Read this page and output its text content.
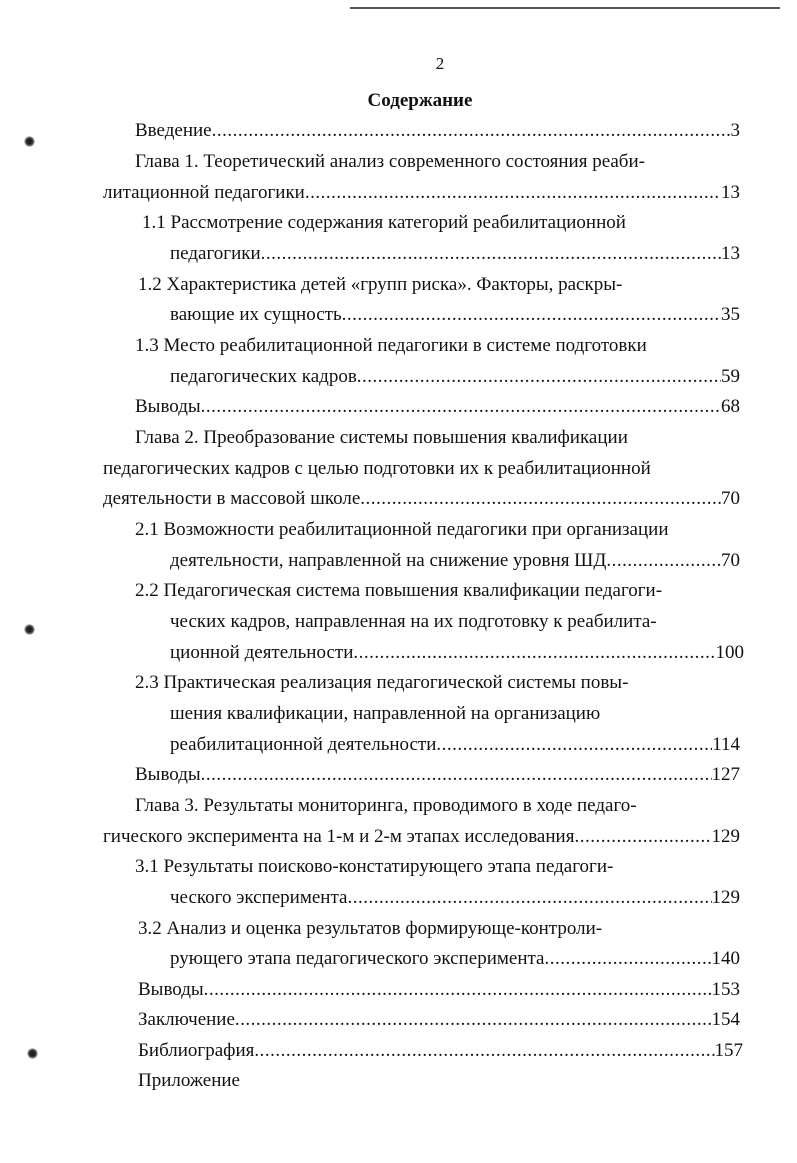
2
Содержание
Введение .....	3
Глава 1. Теоретический анализ современного состояния реаби-
литационной педагогики .....	13
1.1 Рассмотрение содержания категорий реабилитационной
педагогики .....	13
1.2 Характеристика детей «групп риска». Факторы, раскры-
вающие их сущность .....	35
1.3 Место реабилитационной педагогики в системе подготовки
педагогических кадров .....	59
Выводы .....	68
Глава 2. Преобразование системы повышения квалификации
педагогических кадров с целью подготовки их к реабилитационной
деятельности в массовой школе .....	70
2.1 Возможности реабилитационной педагогики при организации
деятельности, направленной на снижение уровня ШД .....	70
2.2 Педагогическая система повышения квалификации педагоги-
ческих кадров, направленная на их подготовку к реабилита-
ционной деятельности .....	100
2.3 Практическая реализация педагогической системы повы-
шения квалификации, направленной на организацию
реабилитационной деятельности .....	114
Выводы .....	127
Глава 3. Результаты мониторинга, проводимого в ходе педаго-
гического эксперимента на 1-м и 2-м этапах исследования .....	129
3.1 Результаты поисково-констатирующего этапа педагоги-
ческого эксперимента .....	129
3.2 Анализ и оценка результатов формирующе-контроли-
рующего этапа педагогического эксперимента .....	140
Выводы .....	153
Заключение .....	154
Библиография .....	157
Приложение
